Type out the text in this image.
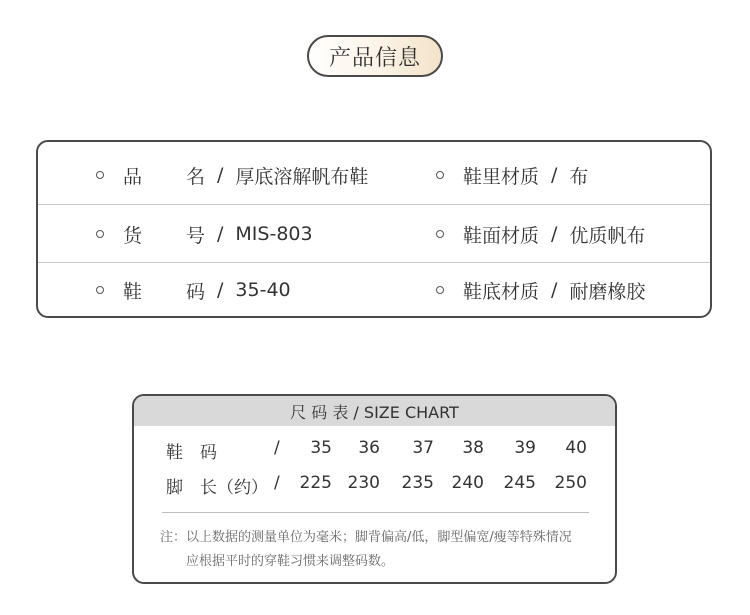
产品信息
品　　名 / 厚底溶解帆布鞋	鞋里材质 / 布
货　　号 / MIS-803	鞋面材质 / 优质帆布
鞋　　码 / 35-40	鞋底材质 / 耐磨橡胶
尺 码 表 / SIZE CHART
鞋　码	/	35	36	37	38	39	40
脚　长（约） /	225 230	235	240	245	250
注：以上数据的测量单位为毫米；脚背偏高/低，脚型偏宽/瘦等特殊情况
应根据平时的穿鞋习惯来调整码数。
